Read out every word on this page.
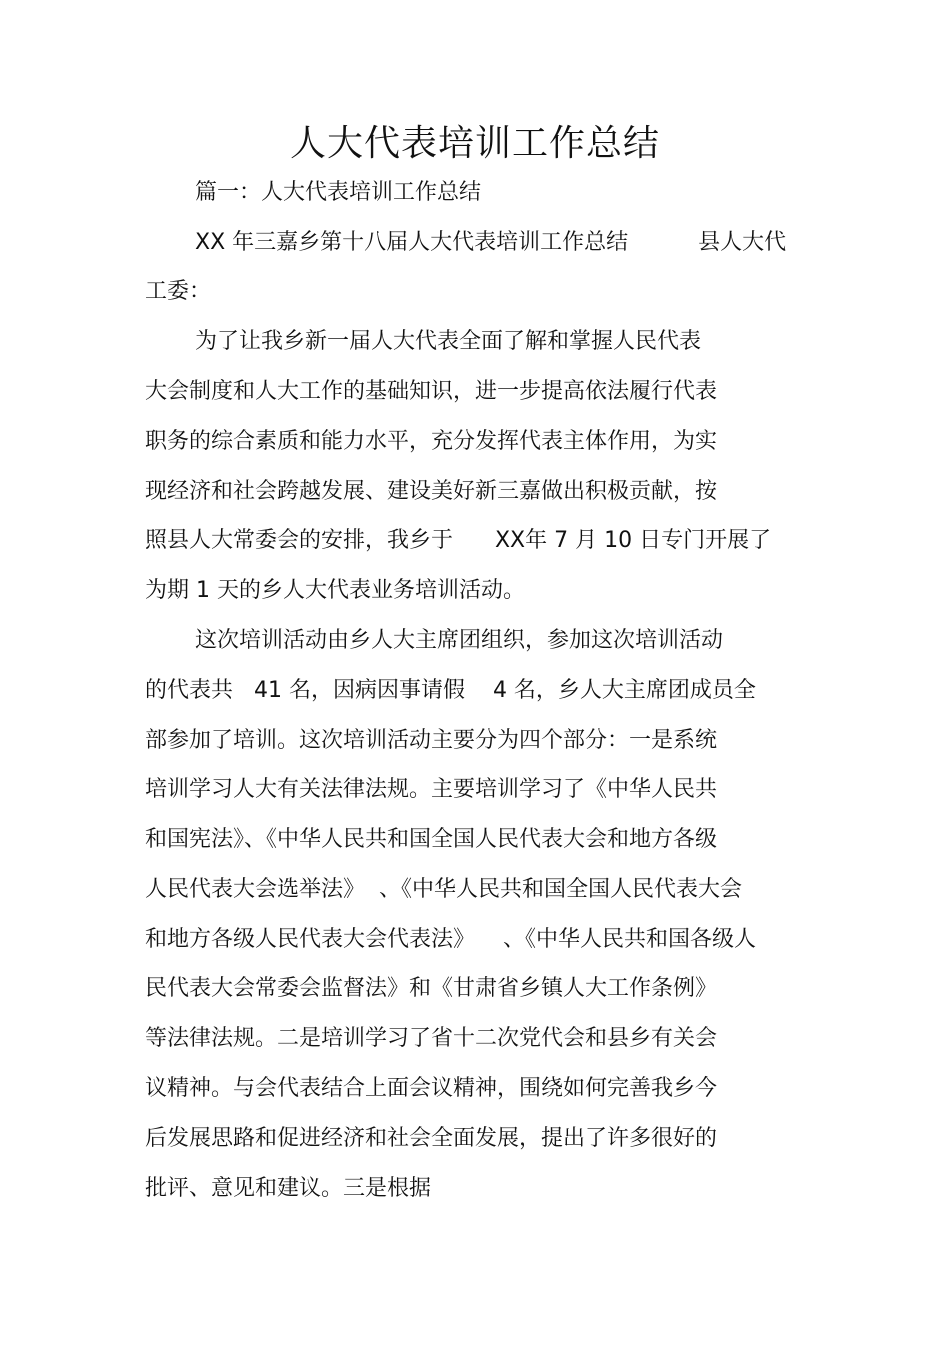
人大代表培训工作总结

篇一：人大代表培训工作总结

XX 年三嘉乡第十八届人大代表培训工作总结          县人大代

工委：

为了让我乡新一届人大代表全面了解和掌握人民代表

大会制度和人大工作的基础知识，进一步提高依法履行代表

职务的综合素质和能力水平，充分发挥代表主体作用，为实

现经济和社会跨越发展、建设美好新三嘉做出积极贡献，按

照县人大常委会的安排，我乡于      XX年 7 月 10 日专门开展了

为期 1 天的乡人大代表业务培训活动。

这次培训活动由乡人大主席团组织，参加这次培训活动

的代表共   41 名，因病因事请假    4 名，乡人大主席团成员全

部参加了培训。这次培训活动主要分为四个部分：一是系统

培训学习人大有关法律法规。主要培训学习了《中华人民共

和国宪法》、《中华人民共和国全国人民代表大会和地方各级

人民代表大会选举法》  、《中华人民共和国全国人民代表大会

和地方各级人民代表大会代表法》    、《中华人民共和国各级人

民代表大会常委会监督法》和《甘肃省乡镇人大工作条例》

等法律法规。二是培训学习了省十二次党代会和县乡有关会

议精神。与会代表结合上面会议精神，围绕如何完善我乡今

后发展思路和促进经济和社会全面发展，提出了许多很好的

批评、意见和建议。三是根据
